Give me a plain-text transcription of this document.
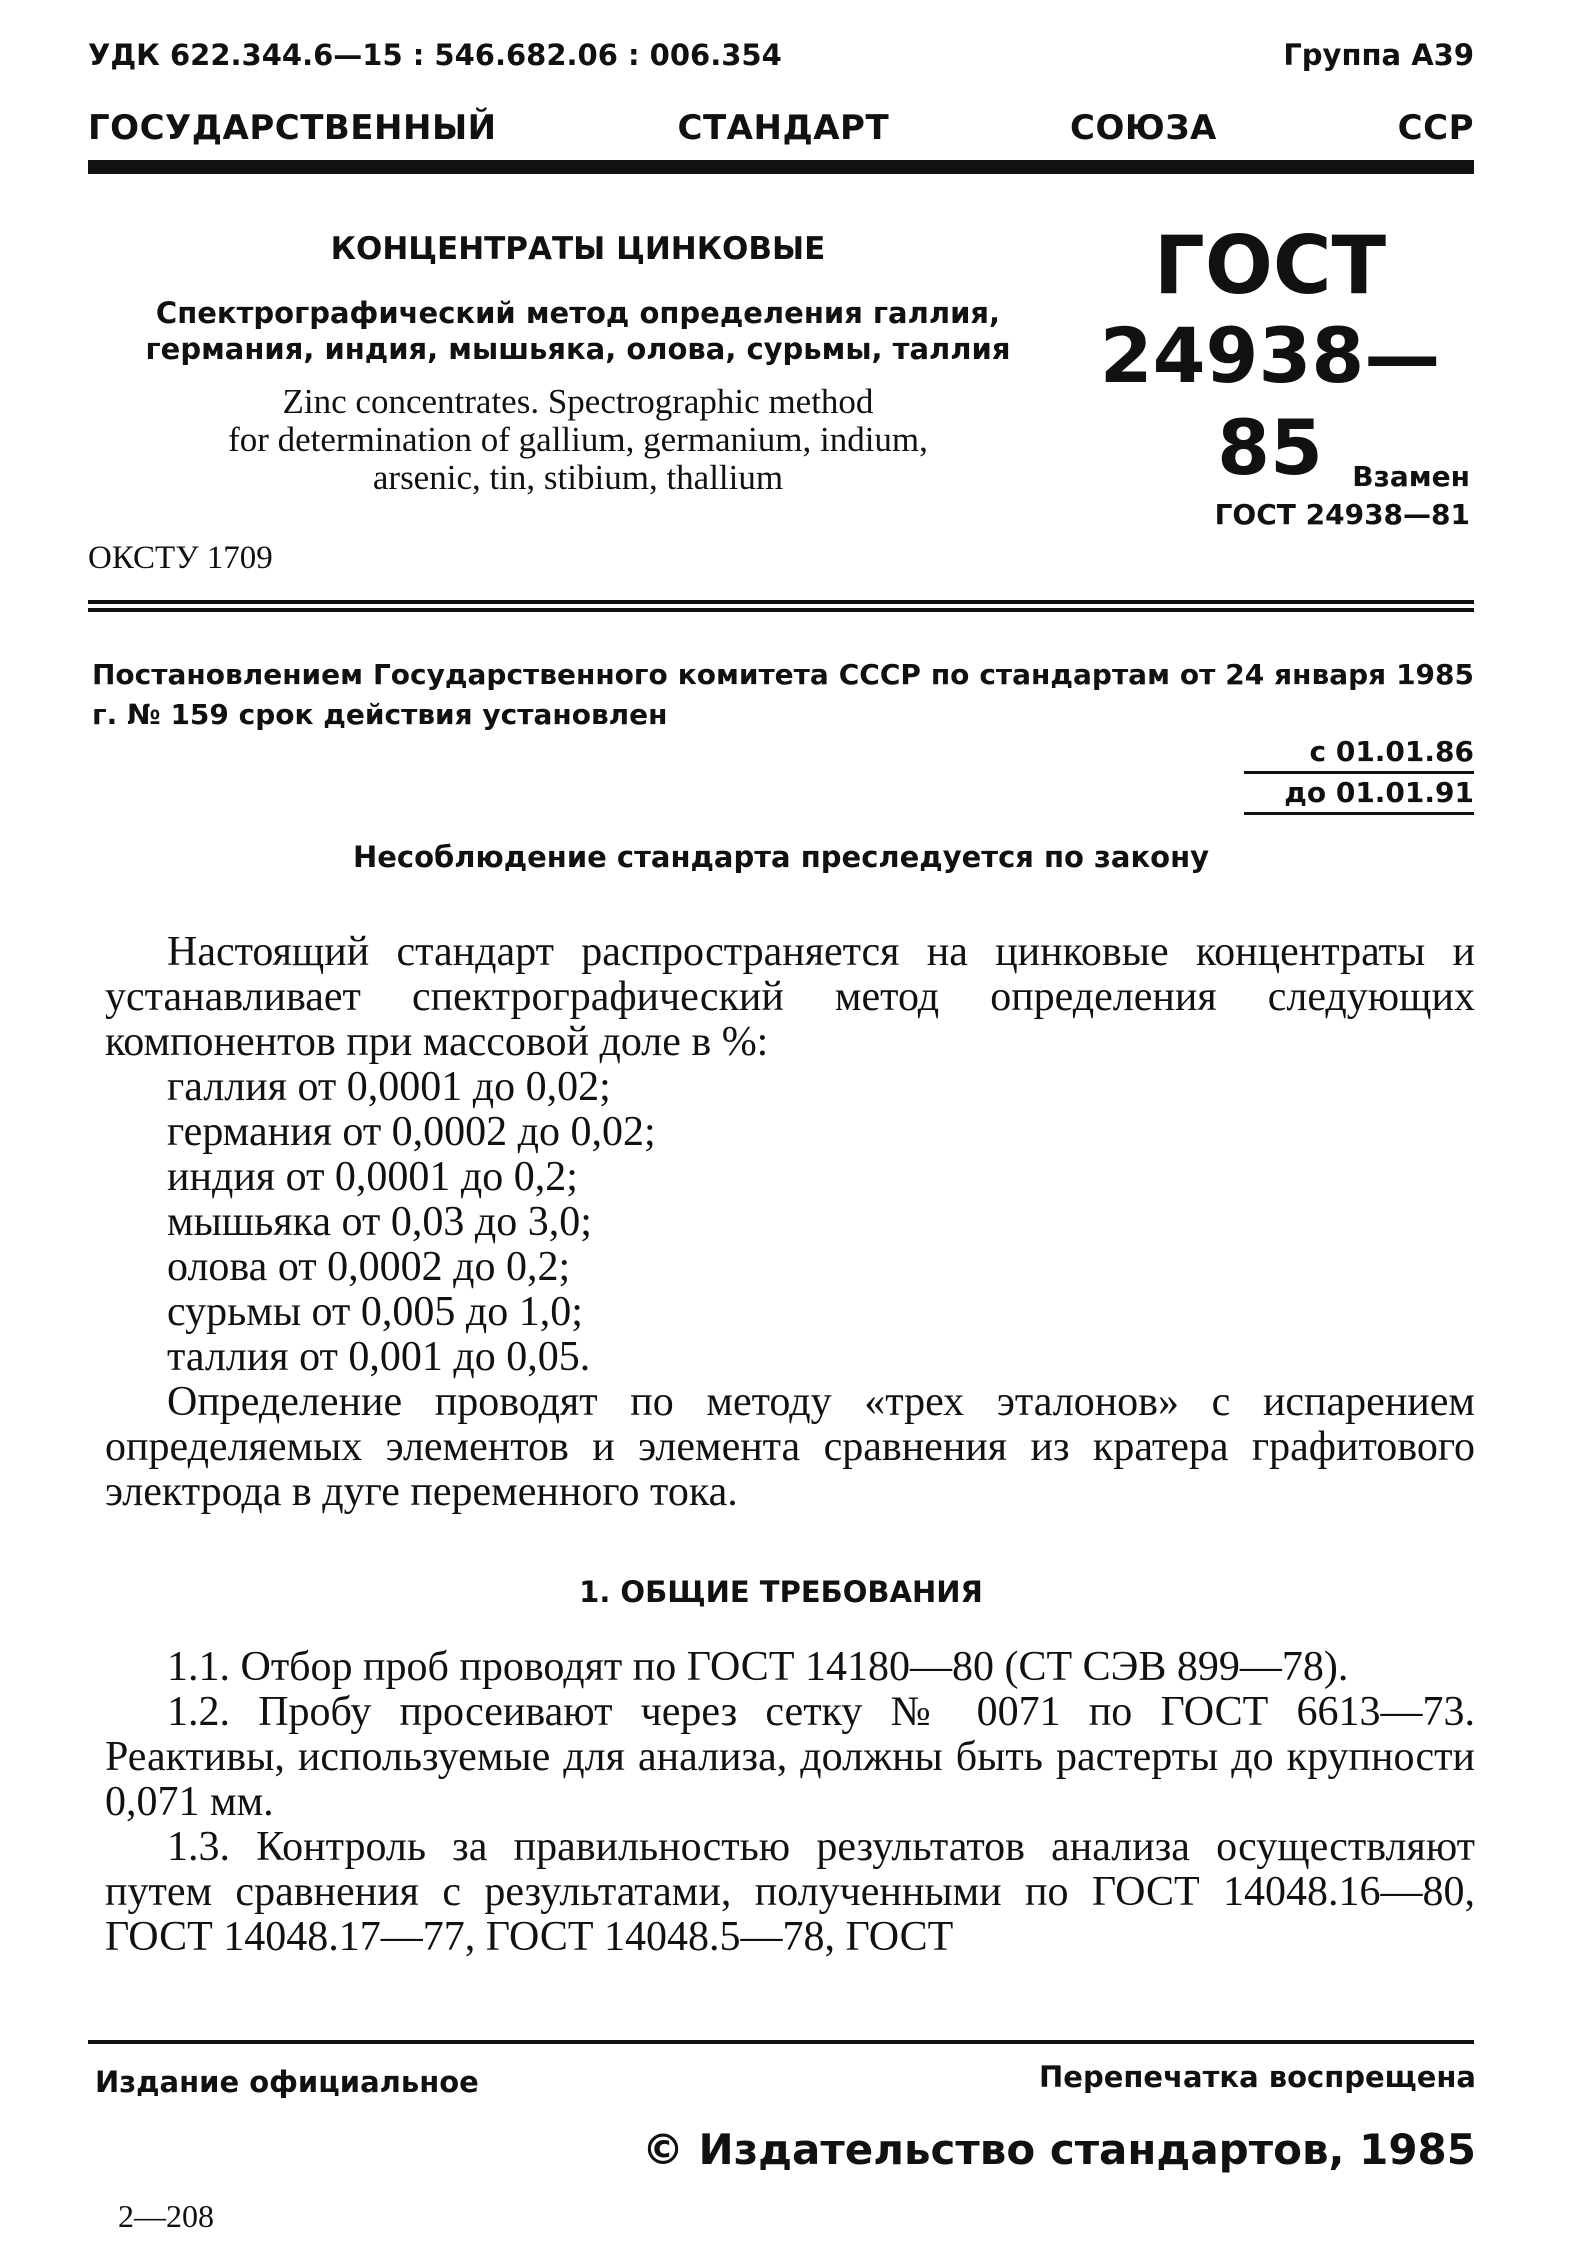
УДК 622.344.6—15 : 546.682.06 : 006.354	Группа А39
ГОСУДАРСТВЕННЫЙ	СТАНДАРТ	СОЮЗА	ССР
КОНЦЕНТРАТЫ ЦИНКОВЫЕ
Спектрографический метод определения галлия,
германия, индия, мышьяка, олова, сурьмы, таллия
Zinc concentrates. Spectrographic method
for determination of gallium, germanium, indium,
arsenic, tin, stibium, thallium
ОКСТУ 1709
ГОСТ
24938—85	Взамен
ГОСТ 24938—81
Постановлением Государственного комитета СССР по стандартам от 24 января 1985 г. № 159 срок действия установлен
с 01.01.86
до 01.01.91
Несоблюдение стандарта преследуется по закону

Настоящий стандарт распространяется на цинковые концентраты и устанавливает спектрографический метод определения следующих компонентов при массовой доле в %:

галлия от 0,0001 до 0,02;
германия от 0,0002 до 0,02;
индия от 0,0001 до 0,2;
мышьяка от 0,03 до 3,0;
олова от 0,0002 до 0,2;
сурьмы от 0,005 до 1,0;
таллия от 0,001 до 0,05.

Определение проводят по методу «трех эталонов» с испарением определяемых элементов и элемента сравнения из кратера графитового электрода в дуге переменного тока.

1. ОБЩИЕ ТРЕБОВАНИЯ

1.1. Отбор проб проводят по ГОСТ 14180—80 (СТ СЭВ 899—78).

1.2. Пробу просеивают через сетку № 0071 по ГОСТ 6613—73. Реактивы, используемые для анализа, должны быть растерты до крупности 0,071 мм.

1.3. Контроль за правильностью результатов анализа осуществляют путем сравнения с результатами, полученными по ГОСТ 14048.16—80, ГОСТ 14048.17—77, ГОСТ 14048.5—78, ГОСТ

Издание официальное	Перепечатка воспрещена
© Издательство стандартов, 1985
2—208
